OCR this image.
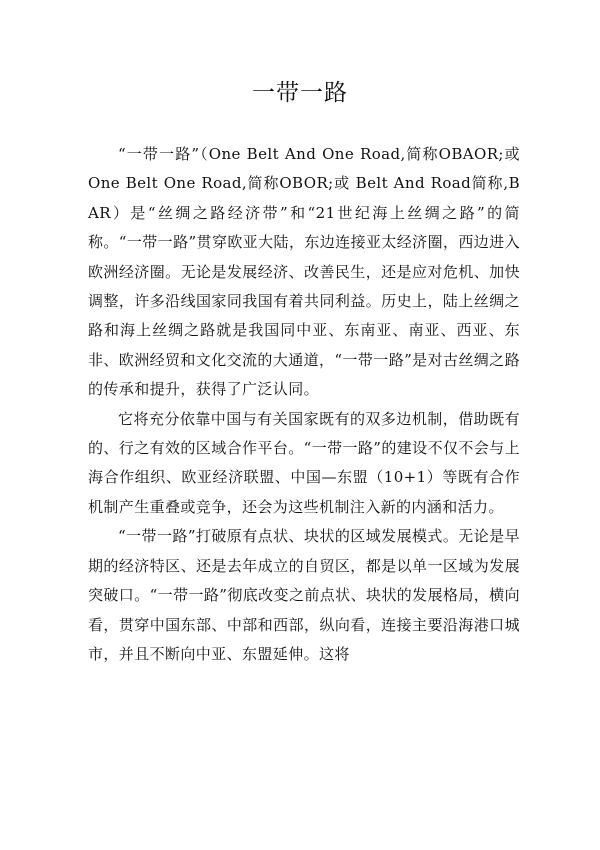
一带一路

“一带一路”（One Belt And One Road,简称OBAOR;或One Belt One Road,简称OBOR;或 Belt And Road简称,BAR）是“丝绸之路经济带”和“21世纪海上丝绸之路”的简称。“一带一路”贯穿欧亚大陆，东边连接亚太经济圈，西边进入欧洲经济圈。无论是发展经济、改善民生，还是应对危机、加快调整，许多沿线国家同我国有着共同利益。历史上，陆上丝绸之路和海上丝绸之路就是我国同中亚、东南亚、南亚、西亚、东非、欧洲经贸和文化交流的大通道，“一带一路”是对古丝绸之路的传承和提升，获得了广泛认同。

它将充分依靠中国与有关国家既有的双多边机制，借助既有的、行之有效的区域合作平台。“一带一路”的建设不仅不会与上海合作组织、欧亚经济联盟、中国—东盟（10+1）等既有合作机制产生重叠或竞争，还会为这些机制注入新的内涵和活力。

“一带一路”打破原有点状、块状的区域发展模式。无论是早期的经济特区、还是去年成立的自贸区，都是以单一区域为发展突破口。“一带一路”彻底改变之前点状、块状的发展格局，横向看，贯穿中国东部、中部和西部，纵向看，连接主要沿海港口城市，并且不断向中亚、东盟延伸。这将
